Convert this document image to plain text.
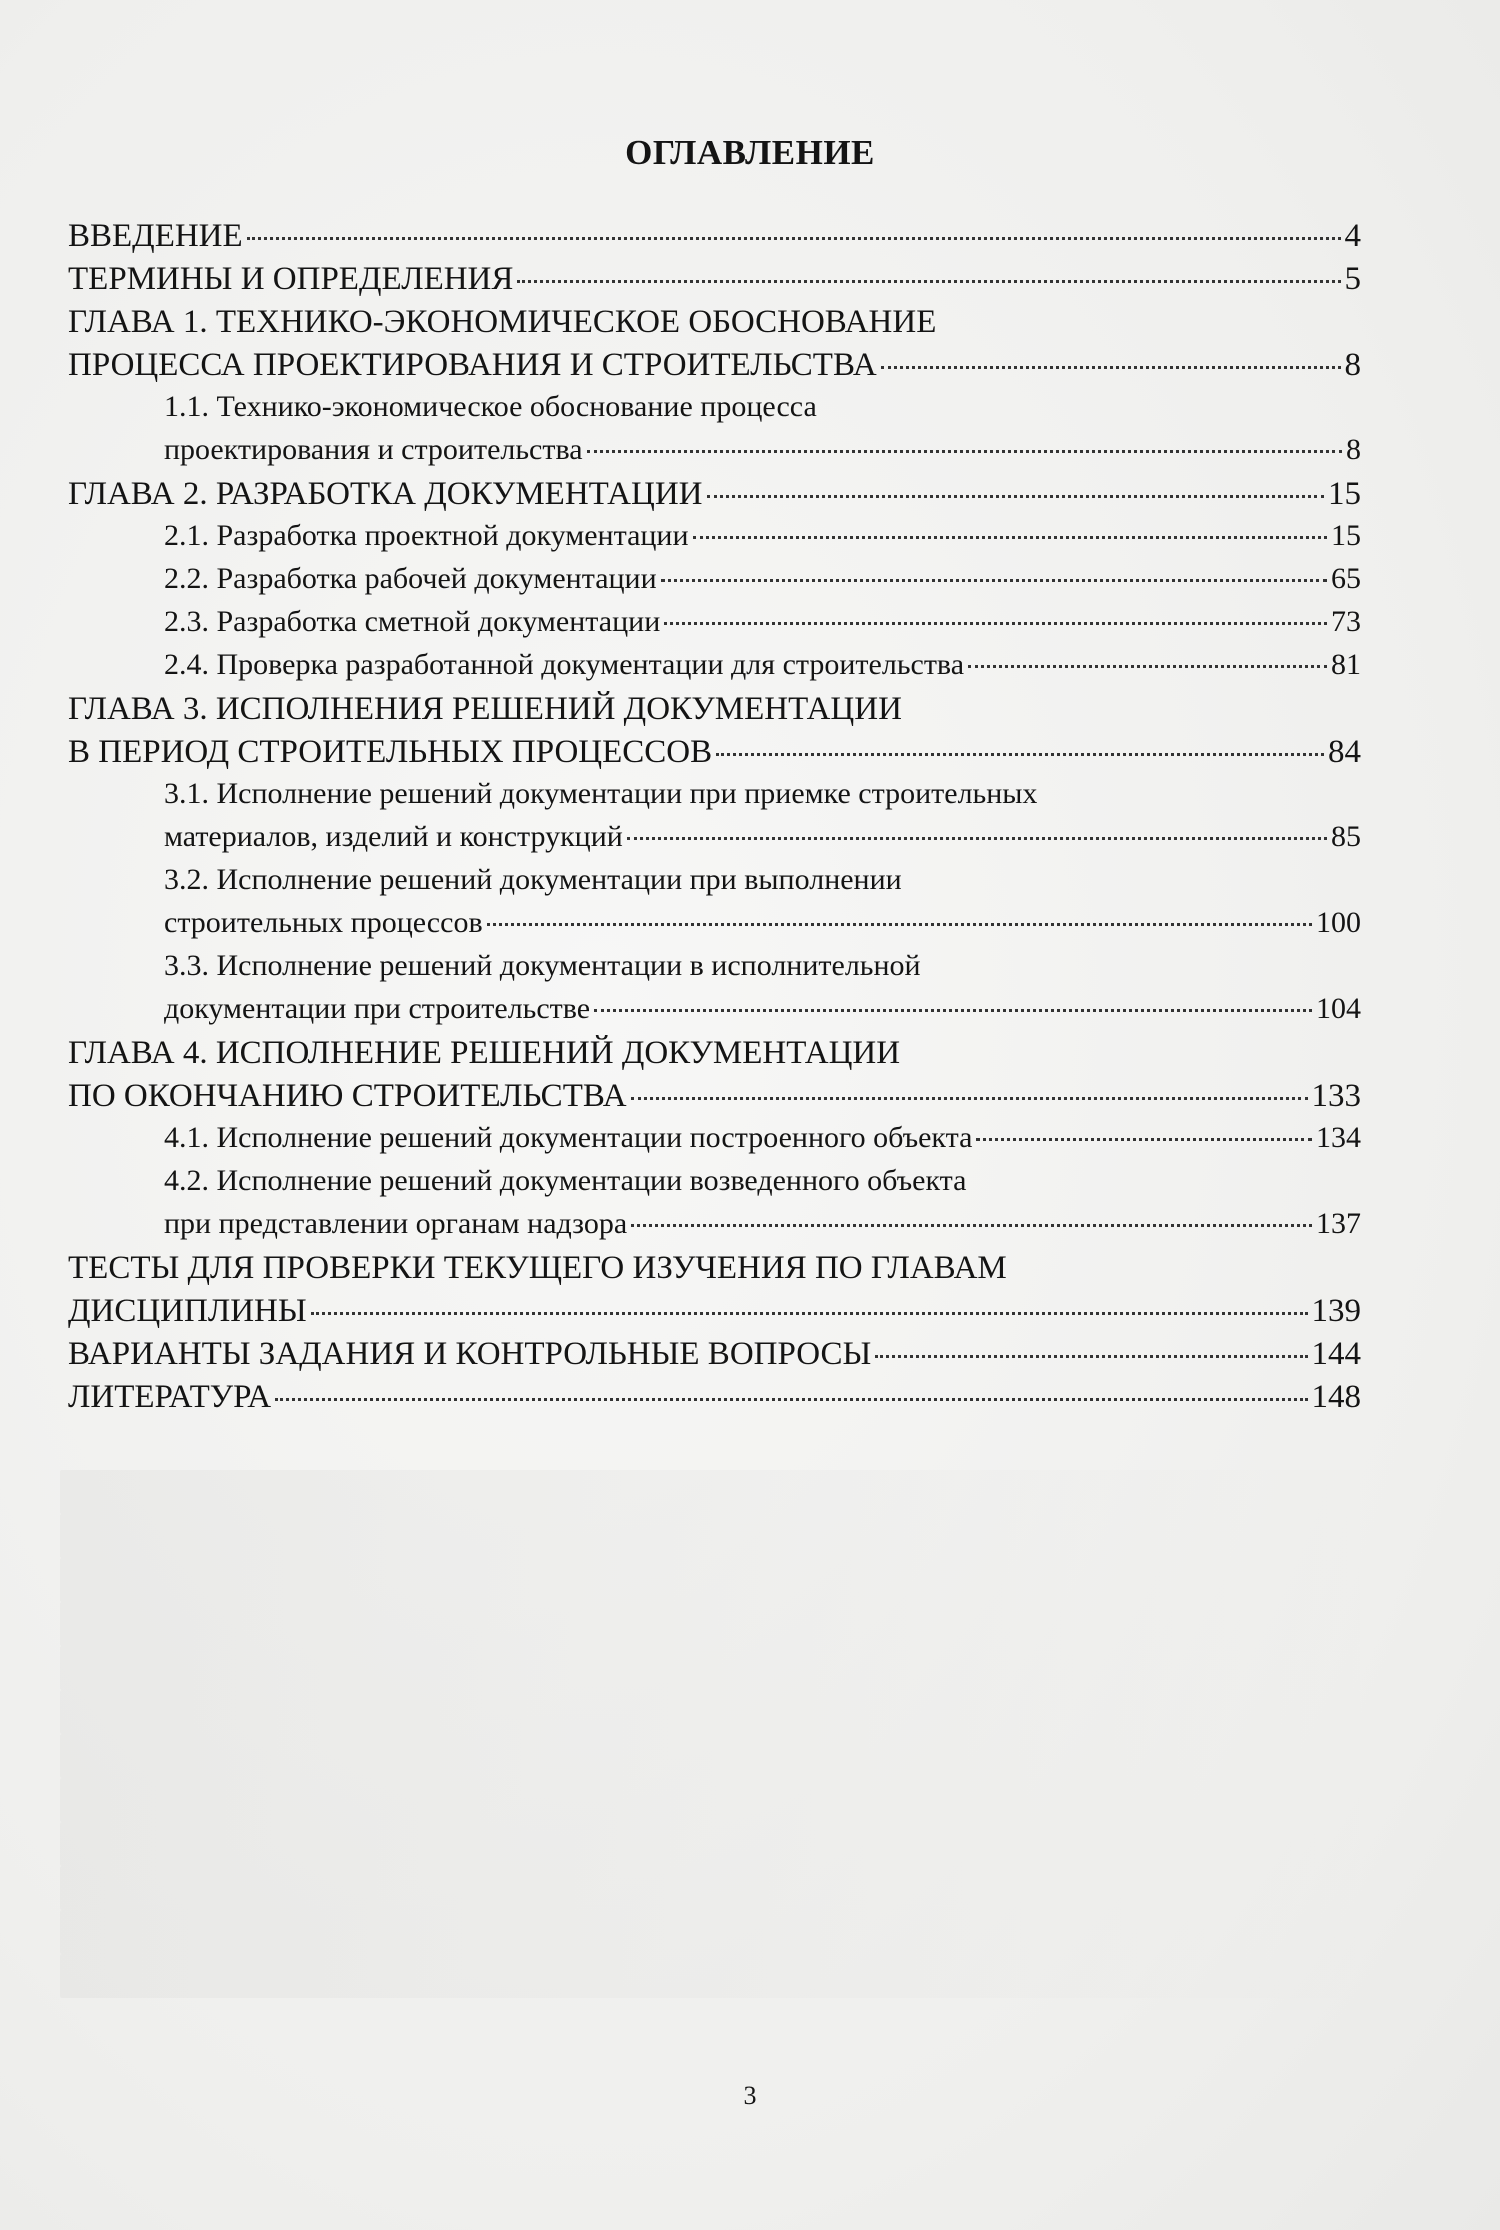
ОГЛАВЛЕНИЕ
ВВЕДЕНИЕ	4
ТЕРМИНЫ И ОПРЕДЕЛЕНИЯ	5
ГЛАВА 1. ТЕХНИКО-ЭКОНОМИЧЕСКОЕ ОБОСНОВАНИЕ
ПРОЦЕССА ПРОЕКТИРОВАНИЯ И СТРОИТЕЛЬСТВА	8
1.1. Технико-экономическое обоснование процесса
проектирования и строительства	8
ГЛАВА 2. РАЗРАБОТКА ДОКУМЕНТАЦИИ	15
2.1. Разработка проектной документации	15
2.2. Разработка рабочей документации	65
2.3. Разработка сметной документации	73
2.4. Проверка разработанной документации для строительства	81
ГЛАВА 3. ИСПОЛНЕНИЯ РЕШЕНИЙ ДОКУМЕНТАЦИИ
В ПЕРИОД СТРОИТЕЛЬНЫХ ПРОЦЕССОВ	84
3.1. Исполнение решений документации при приемке строительных
материалов, изделий и конструкций	85
3.2. Исполнение решений документации при выполнении
строительных процессов	100
3.3. Исполнение решений документации в исполнительной
документации при строительстве	104
ГЛАВА 4. ИСПОЛНЕНИЕ РЕШЕНИЙ ДОКУМЕНТАЦИИ
ПО ОКОНЧАНИЮ СТРОИТЕЛЬСТВА	133
4.1. Исполнение решений документации построенного объекта	134
4.2. Исполнение решений документации возведенного объекта
при представлении органам надзора	137
ТЕСТЫ ДЛЯ ПРОВЕРКИ ТЕКУЩЕГО ИЗУЧЕНИЯ ПО ГЛАВАМ
ДИСЦИПЛИНЫ	139
ВАРИАНТЫ ЗАДАНИЯ И КОНТРОЛЬНЫЕ ВОПРОСЫ	144
ЛИТЕРАТУРА	148
3
